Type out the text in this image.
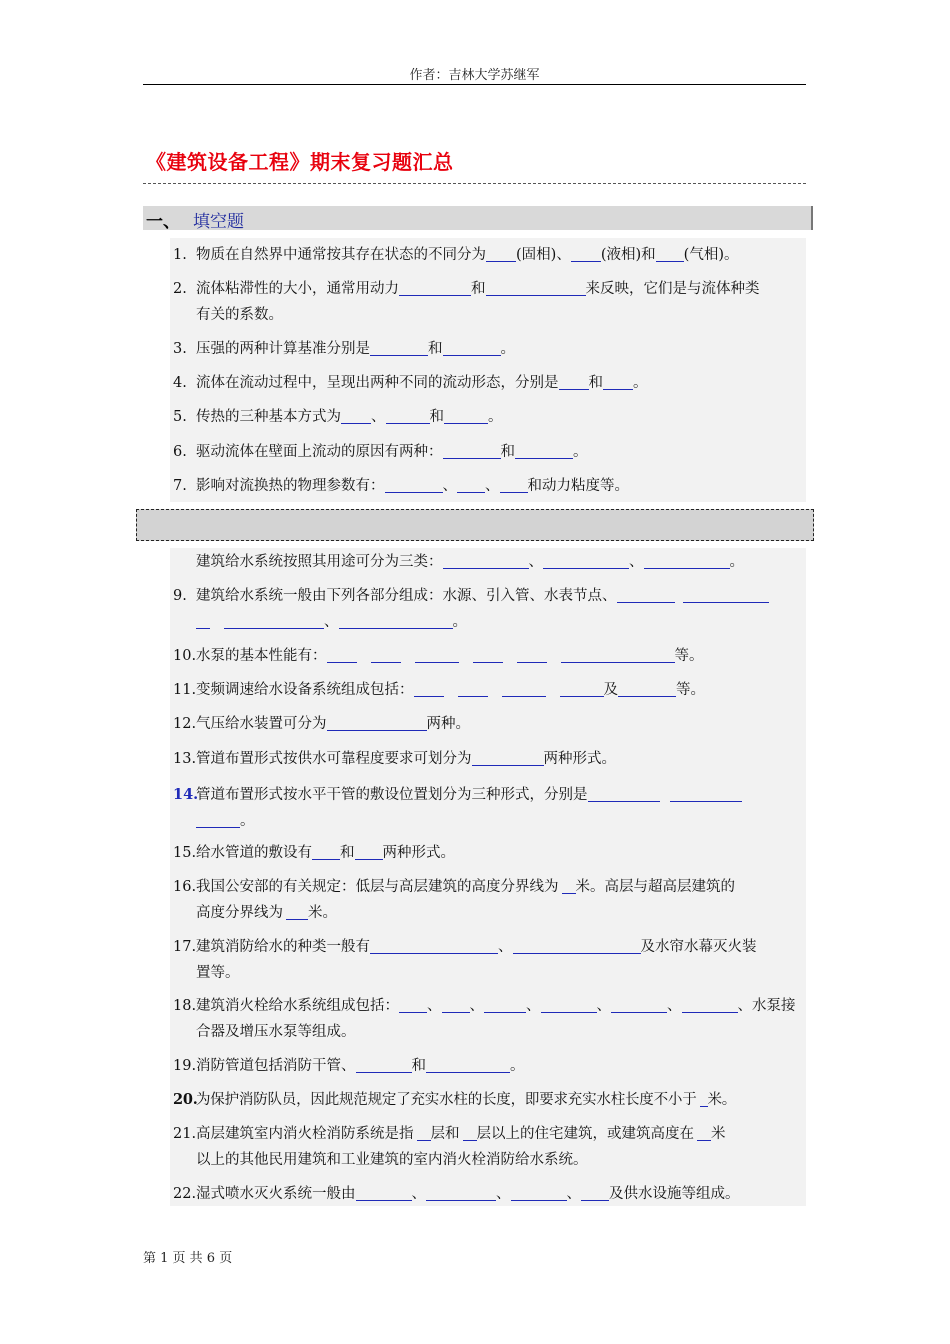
作者：吉林大学苏继军
《建筑设备工程》期末复习题汇总
一、 填空题
1. 物质在自然界中通常按其存在状态的不同分为 (固相)、 (液相)和 (气相)。
2. 流体粘滞性的大小，通常用动力	和	来反映，它们是与流体种类
有关的系数。
3. 压强的两种计算基准分别是	和	。
4. 流体在流动过程中，呈现出两种不同的流动形态，分别是 和 。
5. 传热的三种基本方式为 、	和	。
6. 驱动流体在壁面上流动的原因有两种：	和	。
7. 影响对流换热的物理参数有：	、 、 和动力粘度等。
建筑给水系统按照其用途可分为三类：	、	、	。
9. 建筑给水系统一般由下列各部分组成：水源、引入管、水表节点、
、	。
10.水泵的基本性能有：	等。
11.变频调速给水设备系统组成包括：	及	等。
12.气压给水装置可分为	两种。
13.管道布置形式按供水可靠程度要求可划分为	两种形式。
14.管道布置形式按水平干管的敷设位置划分为三种形式，分别是
。
15.给水管道的敷设有 和 两种形式。
16.我国公安部的有关规定：低层与高层建筑的高度分界线为 米。高层与超高层建筑的
高度分界线为 米。
17.建筑消防给水的种类一般有	、	及水帘水幕灭火装
置等。
18.建筑消火栓给水系统组成包括： 、 、	、	、	、	、水泵接
合器及增压水泵等组成。
19.消防管道包括消防干管、	和	。
20.为保护消防队员，因此规范规定了充实水柱的长度，即要求充实水柱长度不小于 米。
21.高层建筑室内消火栓消防系统是指 层和 层以上的住宅建筑，或建筑高度在 米
以上的其他民用建筑和工业建筑的室内消火栓消防给水系统。
22.湿式喷水灭火系统一般由	、	、	、 及供水设施等组成。
第 1 页 共 6 页
